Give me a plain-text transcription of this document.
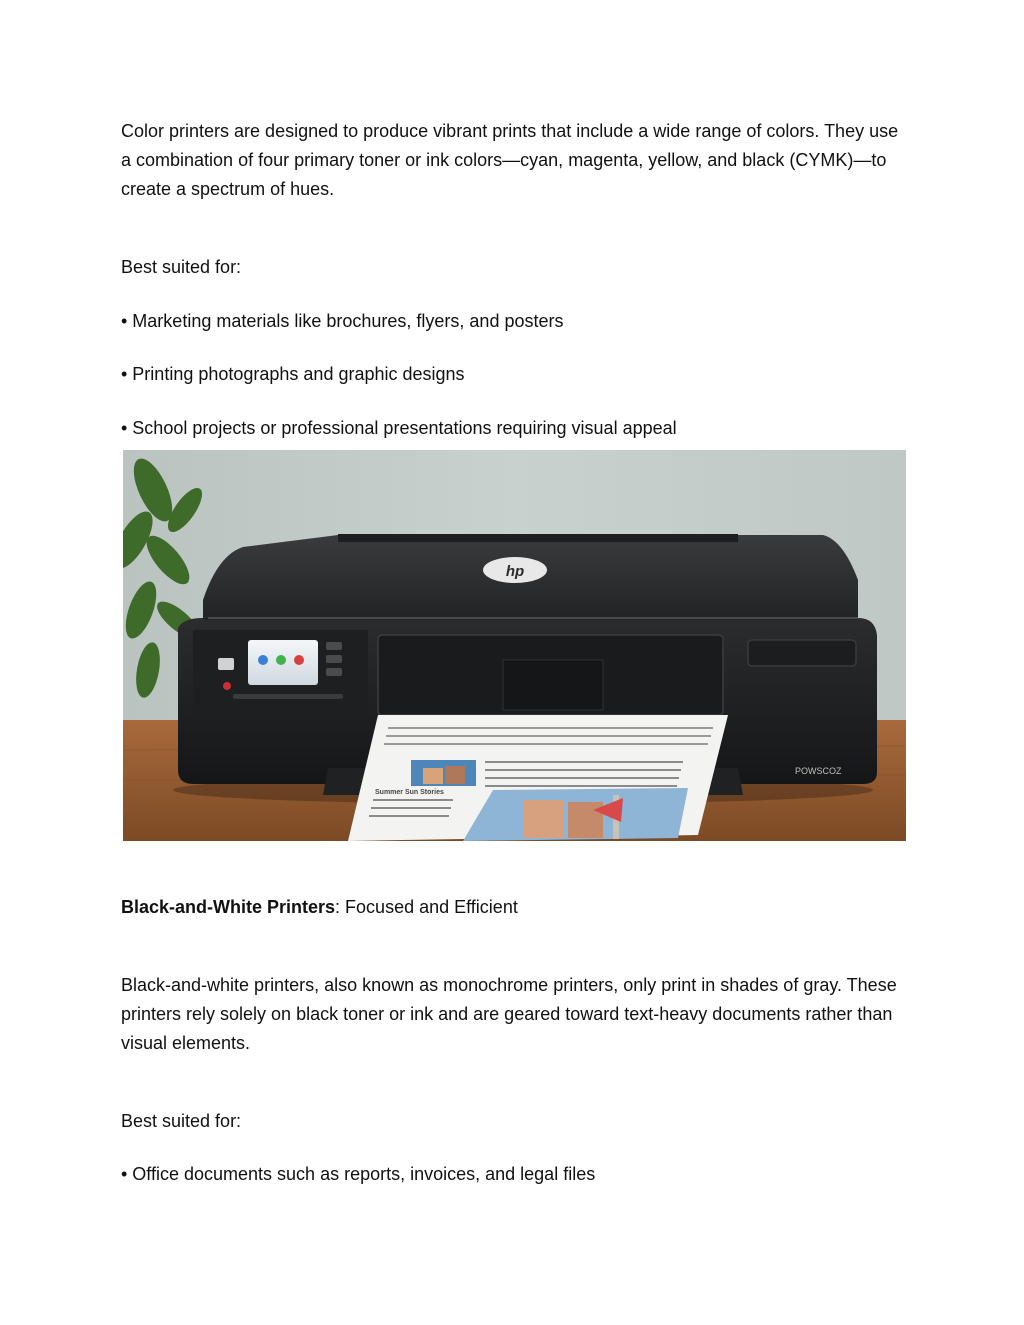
Color printers are designed to produce vibrant prints that include a wide range of colors. They use a combination of four primary toner or ink colors—cyan, magenta, yellow, and black (CYMK)—to create a spectrum of hues.

Best suited for:

• Marketing materials like brochures, flyers, and posters

• Printing photographs and graphic designs

• School projects or professional presentations requiring visual appeal

hp
POWSCOZ
Summer Sun Stories

Black-and-White Printers: Focused and Efficient

Black-and-white printers, also known as monochrome printers, only print in shades of gray. These printers rely solely on black toner or ink and are geared toward text-heavy documents rather than visual elements.

Best suited for:

• Office documents such as reports, invoices, and legal files
